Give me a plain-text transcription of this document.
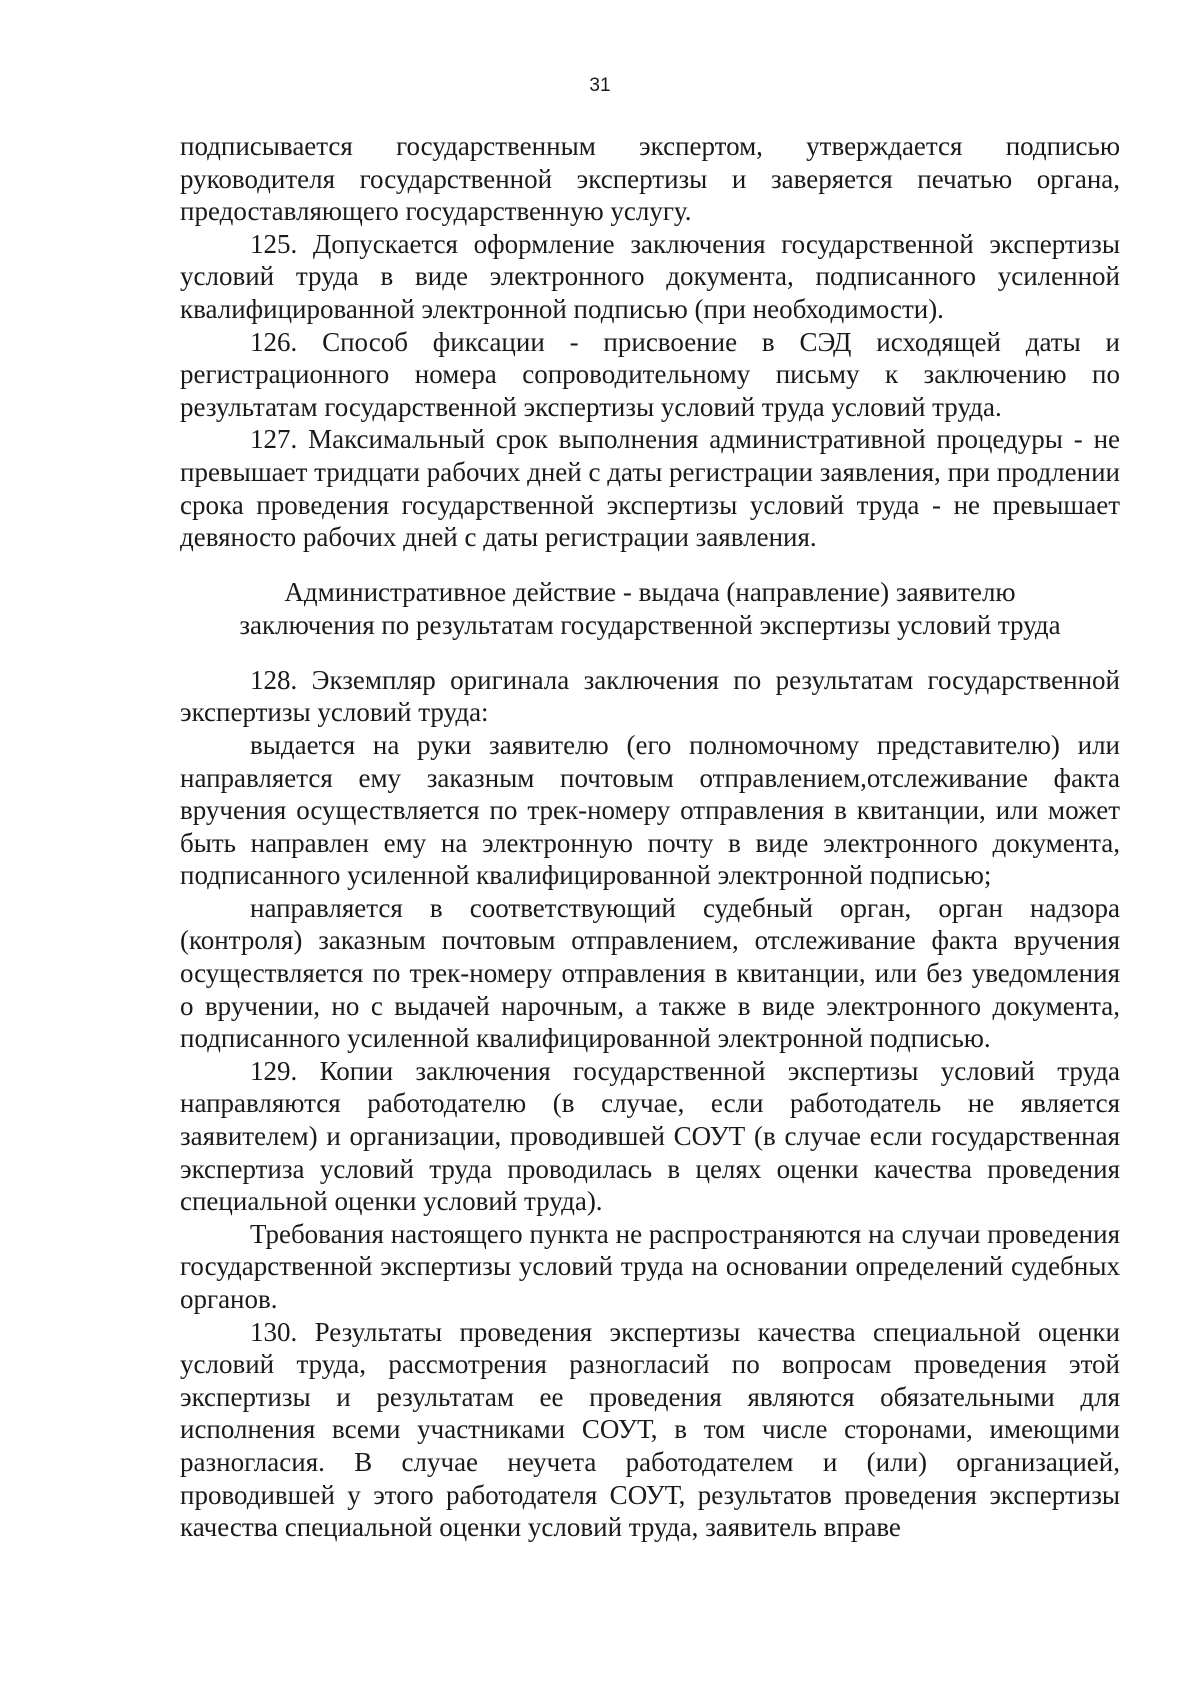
31

подписывается государственным экспертом, утверждается подписью руководителя государственной экспертизы и заверяется печатью органа, предоставляющего государственную услугу.

125. Допускается оформление заключения государственной экспертизы условий труда в виде электронного документа, подписанного усиленной квалифицированной электронной подписью (при необходимости).

126. Способ фиксации - присвоение в СЭД исходящей даты и регистрационного номера сопроводительному письму к заключению по результатам государственной экспертизы условий труда условий труда.

127. Максимальный срок выполнения административной процедуры - не превышает тридцати рабочих дней с даты регистрации заявления, при продлении срока проведения государственной экспертизы условий труда - не превышает девяносто рабочих дней с даты регистрации заявления.

Административное действие - выдача (направление) заявителю
заключения по результатам государственной экспертизы условий труда

128. Экземпляр оригинала заключения по результатам государственной экспертизы условий труда:

выдается на руки заявителю (его полномочному представителю) или направляется ему заказным почтовым отправлением,отслеживание факта вручения осуществляется по трек-номеру отправления в квитанции, или может быть направлен ему на электронную почту в виде электронного документа, подписанного усиленной квалифицированной электронной подписью;

направляется в соответствующий судебный орган, орган надзора (контроля) заказным почтовым отправлением, отслеживание факта вручения осуществляется по трек-номеру отправления в квитанции, или без уведомления о вручении, но с выдачей нарочным, а также в виде электронного документа, подписанного усиленной квалифицированной электронной подписью.

129. Копии заключения государственной экспертизы условий труда направляются работодателю (в случае, если работодатель не является заявителем) и организации, проводившей СОУТ (в случае если государственная экспертиза условий труда проводилась в целях оценки качества проведения специальной оценки условий труда).

Требования настоящего пункта не распространяются на случаи проведения государственной экспертизы условий труда на основании определений судебных органов.

130. Результаты проведения экспертизы качества специальной оценки условий труда, рассмотрения разногласий по вопросам проведения этой экспертизы и результатам ее проведения являются обязательными для исполнения всеми участниками СОУТ, в том числе сторонами, имеющими разногласия. В случае неучета работодателем и (или) организацией, проводившей у этого работодателя СОУТ, результатов проведения экспертизы качества специальной оценки условий труда, заявитель вправе
